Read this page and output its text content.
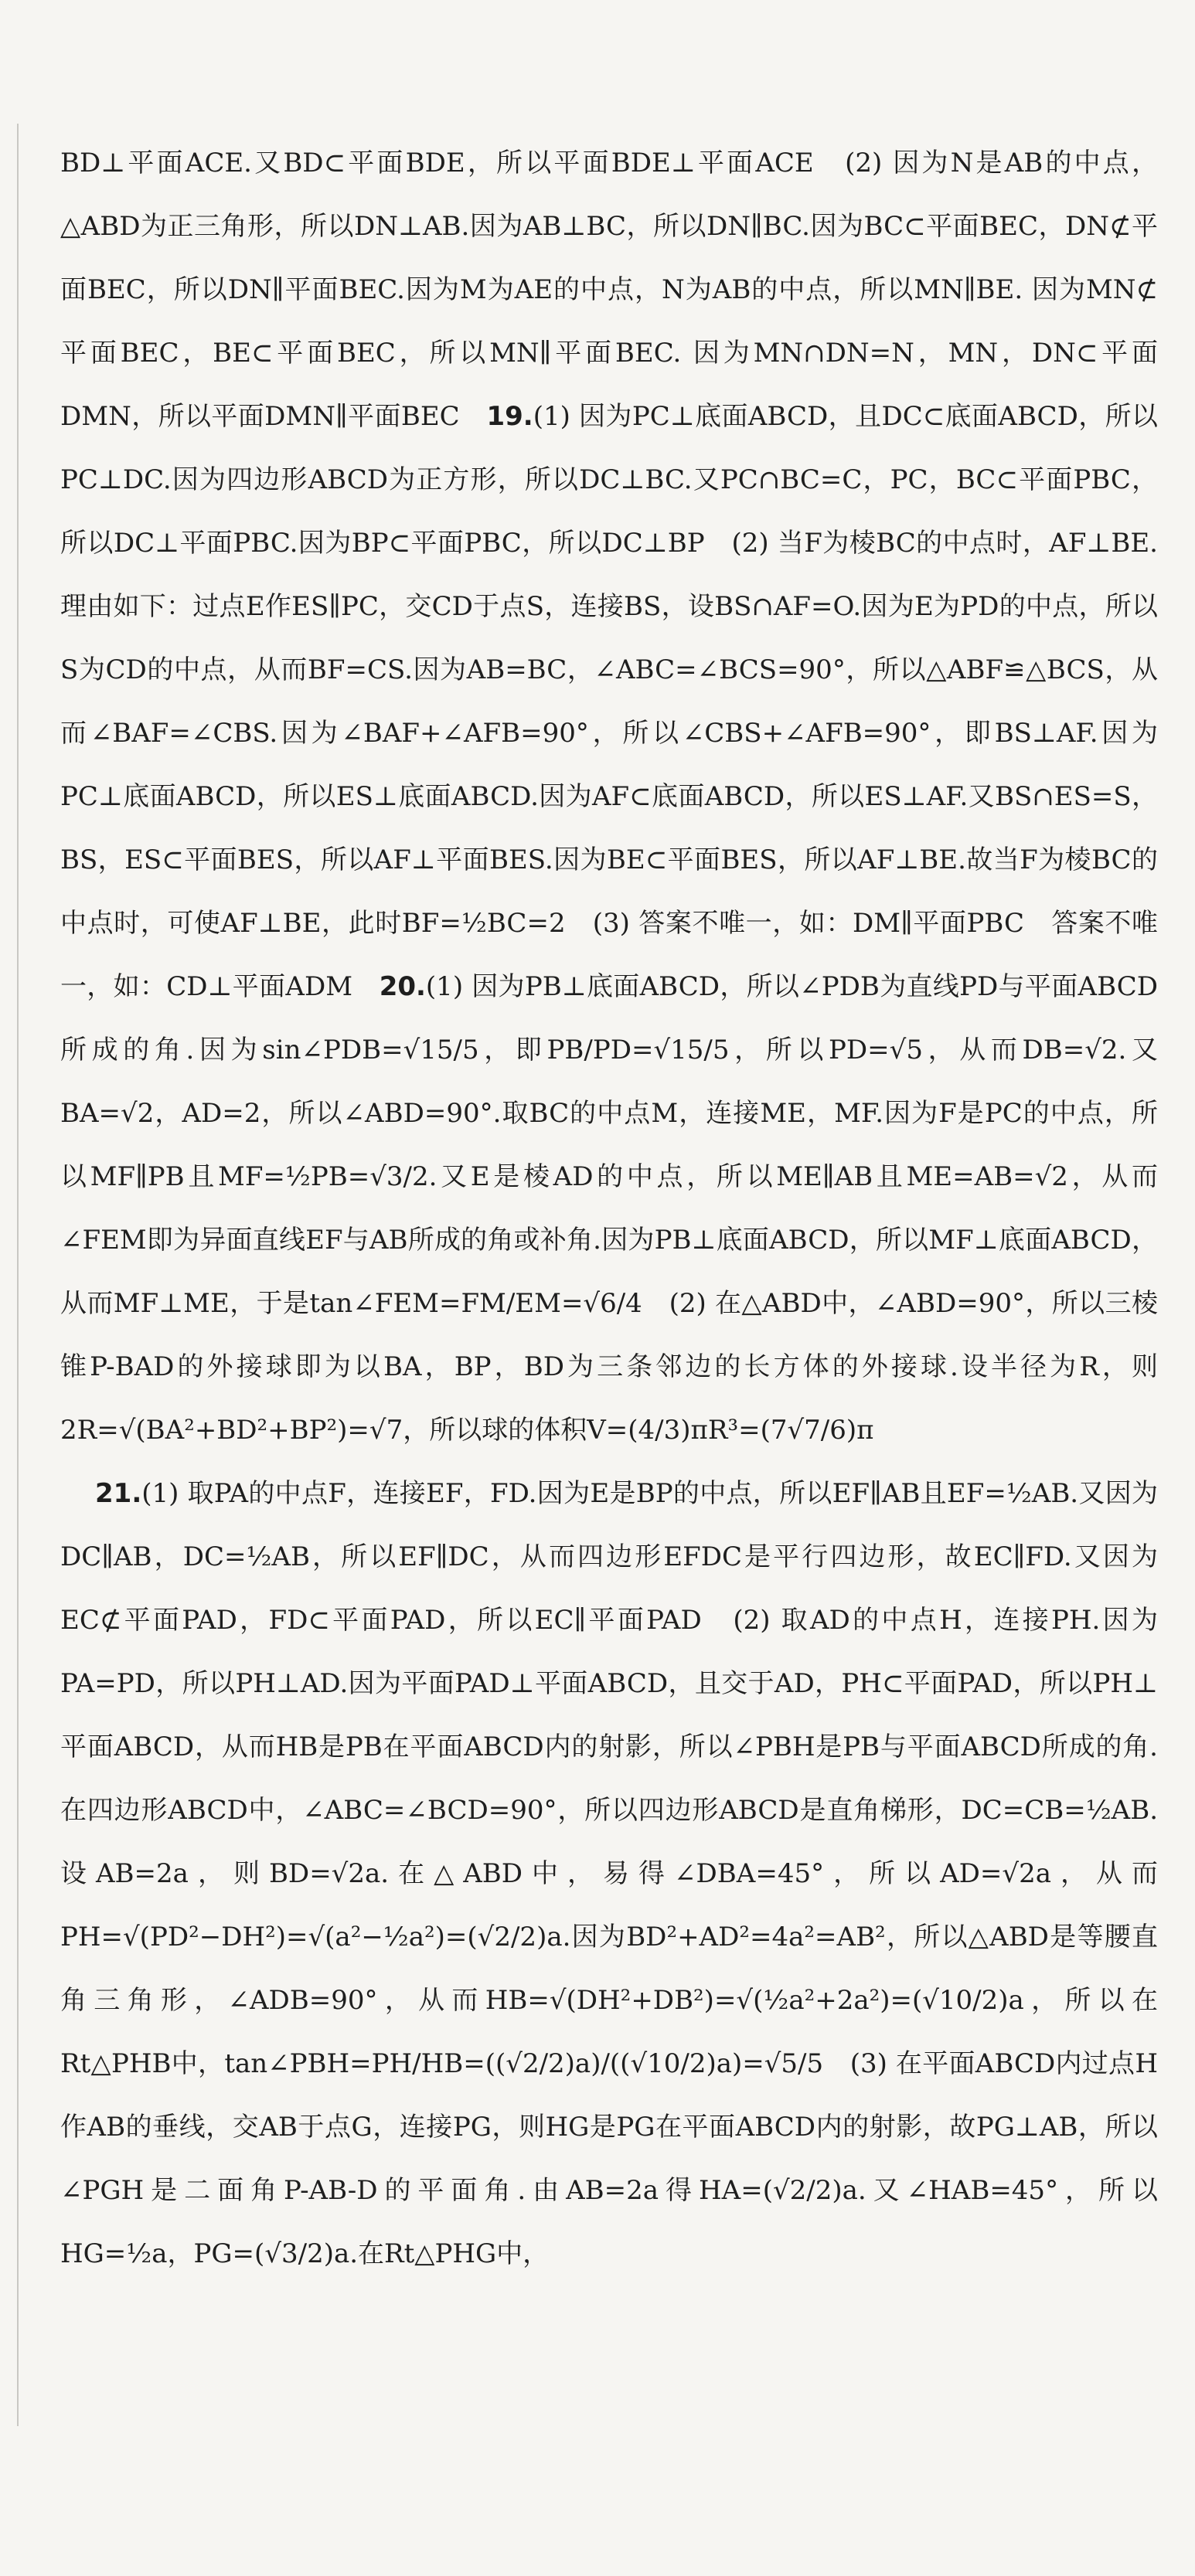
BD⊥平面ACE.又BD⊂平面BDE，所以平面BDE⊥平面ACE　(2) 因为N是AB的中点，△ABD为正三角形，所以DN⊥AB.因为AB⊥BC，所以DN∥BC.因为BC⊂平面BEC，DN⊄平面BEC，所以DN∥平面BEC.因为M为AE的中点，N为AB的中点，所以MN∥BE. 因为MN⊄平面BEC，BE⊂平面BEC，所以MN∥平面BEC. 因为MN∩DN=N，MN，DN⊂平面DMN，所以平面DMN∥平面BEC　19.(1) 因为PC⊥底面ABCD，且DC⊂底面ABCD，所以PC⊥DC.因为四边形ABCD为正方形，所以DC⊥BC.又PC∩BC=C，PC，BC⊂平面PBC，所以DC⊥平面PBC.因为BP⊂平面PBC，所以DC⊥BP　(2) 当F为棱BC的中点时，AF⊥BE.理由如下：过点E作ES∥PC，交CD于点S，连接BS，设BS∩AF=O.因为E为PD的中点，所以S为CD的中点，从而BF=CS.因为AB=BC，∠ABC=∠BCS=90°，所以△ABF≌△BCS，从而∠BAF=∠CBS.因为∠BAF+∠AFB=90°，所以∠CBS+∠AFB=90°，即BS⊥AF.因为PC⊥底面ABCD，所以ES⊥底面ABCD.因为AF⊂底面ABCD，所以ES⊥AF.又BS∩ES=S，BS，ES⊂平面BES，所以AF⊥平面BES.因为BE⊂平面BES，所以AF⊥BE.故当F为棱BC的中点时，可使AF⊥BE，此时BF=½BC=2　(3) 答案不唯一，如：DM∥平面PBC　答案不唯一，如：CD⊥平面ADM　20.(1) 因为PB⊥底面ABCD，所以∠PDB为直线PD与平面ABCD所成的角.因为sin∠PDB=√15/5，即PB/PD=√15/5，所以PD=√5，从而DB=√2.又BA=√2，AD=2，所以∠ABD=90°.取BC的中点M，连接ME，MF.因为F是PC的中点，所以MF∥PB且MF=½PB=√3/2.又E是棱AD的中点，所以ME∥AB且ME=AB=√2，从而∠FEM即为异面直线EF与AB所成的角或补角.因为PB⊥底面ABCD，所以MF⊥底面ABCD，从而MF⊥ME，于是tan∠FEM=FM/EM=√6/4　(2) 在△ABD中，∠ABD=90°，所以三棱锥P-BAD的外接球即为以BA，BP，BD为三条邻边的长方体的外接球.设半径为R，则2R=√(BA²+BD²+BP²)=√7，所以球的体积V=(4/3)πR³=(7√7/6)π

21.(1) 取PA的中点F，连接EF，FD.因为E是BP的中点，所以EF∥AB且EF=½AB.又因为DC∥AB，DC=½AB，所以EF∥DC，从而四边形EFDC是平行四边形，故EC∥FD.又因为EC⊄平面PAD，FD⊂平面PAD，所以EC∥平面PAD　(2) 取AD的中点H，连接PH.因为PA=PD，所以PH⊥AD.因为平面PAD⊥平面ABCD，且交于AD，PH⊂平面PAD，所以PH⊥平面ABCD，从而HB是PB在平面ABCD内的射影，所以∠PBH是PB与平面ABCD所成的角.在四边形ABCD中，∠ABC=∠BCD=90°，所以四边形ABCD是直角梯形，DC=CB=½AB.设AB=2a，则BD=√2a.在△ABD中，易得∠DBA=45°，所以AD=√2a，从而PH=√(PD²−DH²)=√(a²−½a²)=(√2/2)a.因为BD²+AD²=4a²=AB²，所以△ABD是等腰直角三角形，∠ADB=90°，从而HB=√(DH²+DB²)=√(½a²+2a²)=(√10/2)a，所以在Rt△PHB中，tan∠PBH=PH/HB=((√2/2)a)/((√10/2)a)=√5/5　(3) 在平面ABCD内过点H作AB的垂线，交AB于点G，连接PG，则HG是PG在平面ABCD内的射影，故PG⊥AB，所以∠PGH是二面角P-AB-D的平面角.由AB=2a得HA=(√2/2)a.又∠HAB=45°，所以HG=½a，PG=(√3/2)a.在Rt△PHG中，
